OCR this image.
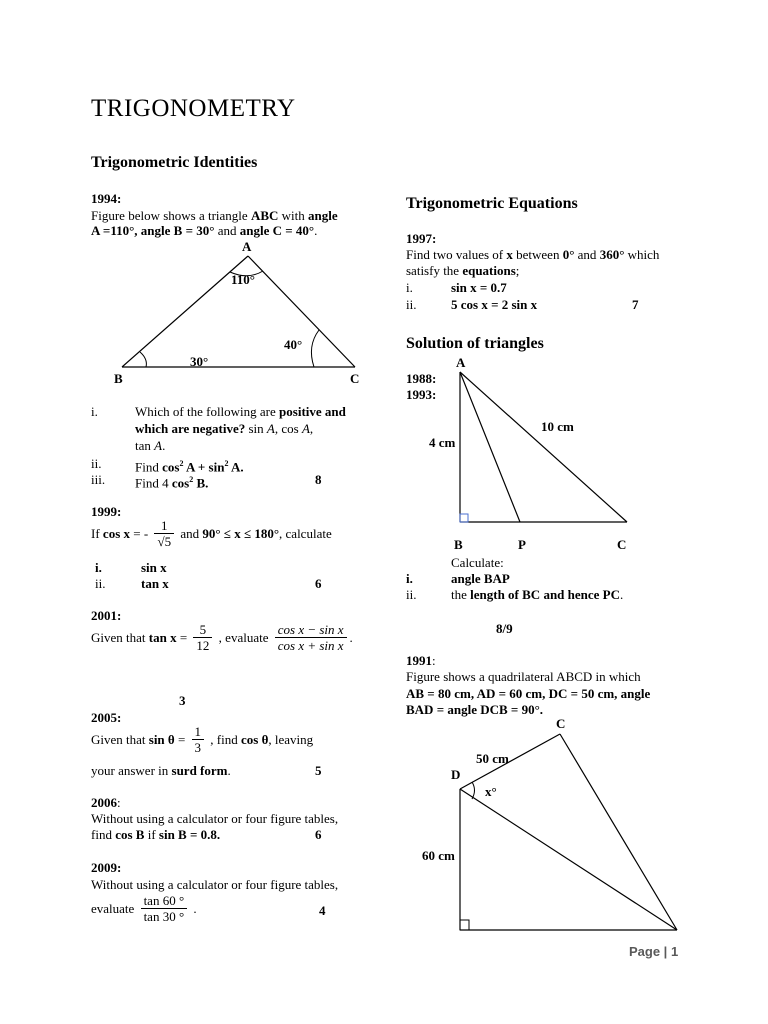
TRIGONOMETRY
Trigonometric Identities
1994:
Figure below shows a triangle ABC with angle
A =110°, angle B = 30° and angle C = 40°.
A
B	C
110°
30°
40°
i.	Which of the following are positive and
which are negative? sin A, cos A,
tan A.
ii.	Find $\cos^2 A + \sin^2 A$.
iii. Find 4 $\cos^2 B$.	8
1999:
If cos x = - $\frac{1}{√5}$ and 90° ≤ x ≤ 180°, calculate
i.	sin x
ii.	tan x	6
2001:
Given that $\tan x = \frac{5}{12}$ , evaluate $\frac{\text{cos x − sin x}}{\text{cos x + sin x}}$ .
3
2005:
Given that $\sin \theta = \frac{1}{3}$ , find cos θ, leaving
your answer in surd form.	5
2006:
Without using a calculator or four figure tables,
find cos B if sin B = 0.8.	6
2009:
Without using a calculator or four figure tables,
evaluate $\frac{\tan 60 ^\circ}{\tan 30 ^\circ}$ .	4
Trigonometric Equations
1997:
Find two values of x between 0° and 360° which
satisfy the equations;
i.	sin x = 0.7
ii.	5 cos x = 2 sin x	7
Solution of triangles
1988:
1993:
A
B	P	C
10 cm
4 cm
Calculate:
i.	angle BAP
ii.	the length of BC and hence PC.
8/9
1991:
Figure shows a quadrilateral ABCD in which
AB = 80 cm, AD = 60 cm, DC = 50 cm, angle
BAD = angle DCB = 90°.
C
D
50 cm
x°
60 cm
Page | 1
